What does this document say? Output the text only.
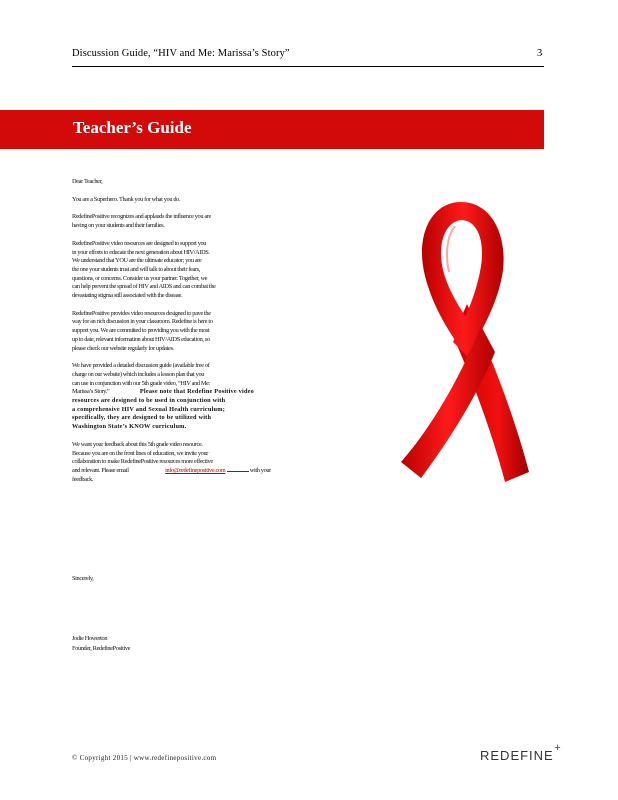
Discussion Guide, “HIV and Me: Marissa’s Story”	3
Teacher’s Guide

Dear Teacher,

You are a Superhero. Thank you for what you do.

RedefinePositive recognizes and applauds the influence you are
having on your students and their families.

RedefinePositive video resources are designed to support you
in your efforts to educate the next generation about HIV/AIDS.
We understand that YOU are the ultimate educator; you are
the one your students trust and will talk to about their fears,
questions, or concerns. Consider us your partner. Together, we
can help prevent the spread of HIV and AIDS and can combat the
devastating stigma still associated with the disease.

RedefinePositive provides video resources designed to pave the
way for an rich discussion in your classroom. Redefine is here to
support you. We are committed to providing you with the most
up to date, relevant information about HIV/AIDS education, so
please check our website regularly for updates.

We have provided a detailed discussion guide (available free of
charge on our website) which includes a lesson plan that you
can use in conjunction with our 5th grade video, “HIV and Me:
Marissa’s Story.”	Please note that Redefine Positive video
resources are designed to be used in conjunction with
a comprehensive HIV and Sexual Health curriculum;
specifically, they are designed to be utilized with
Washington State’s KNOW curriculum.

We want your feedback about this 5th grade video resource.
Because you are on the front lines of education, we invite your
collaboration to make RedefinePositive resources more effective
and relevant. Please email	info@redefinepositive.com	with your
feedback.

Sincerely,
Jodie Howerton
Founder, RedefinePositive
© Copyright 2015 | www.redefinepositive.com	REDEFINE +
